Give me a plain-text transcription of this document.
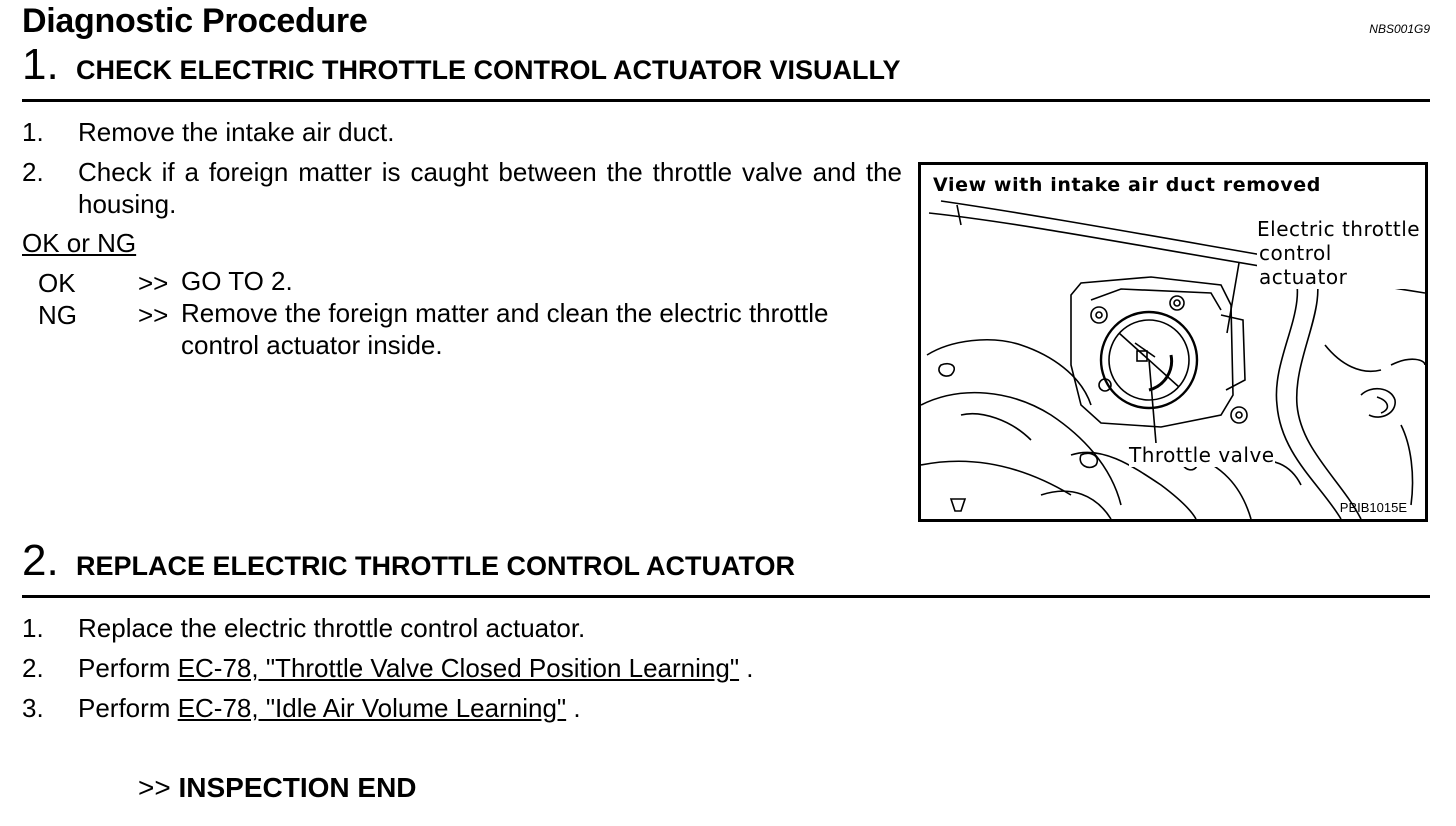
Diagnostic Procedure	NBS001G9
1. CHECK ELECTRIC THROTTLE CONTROL ACTUATOR VISUALLY
1. Remove the intake air duct.
2. Check if a foreign matter is caught between the throttle valve and the housing.
OK or NG
OK >> GO TO 2.
NG >> Remove the foreign matter and clean the electric throttle control actuator inside.
View with intake air duct removed
Electric throttle
control actuator
Throttle valve
PBIB1015E
2. REPLACE ELECTRIC THROTTLE CONTROL ACTUATOR
1. Replace the electric throttle control actuator.
2. Perform EC-78, "Throttle Valve Closed Position Learning" .
3. Perform EC-78, "Idle Air Volume Learning" .
>> INSPECTION END
